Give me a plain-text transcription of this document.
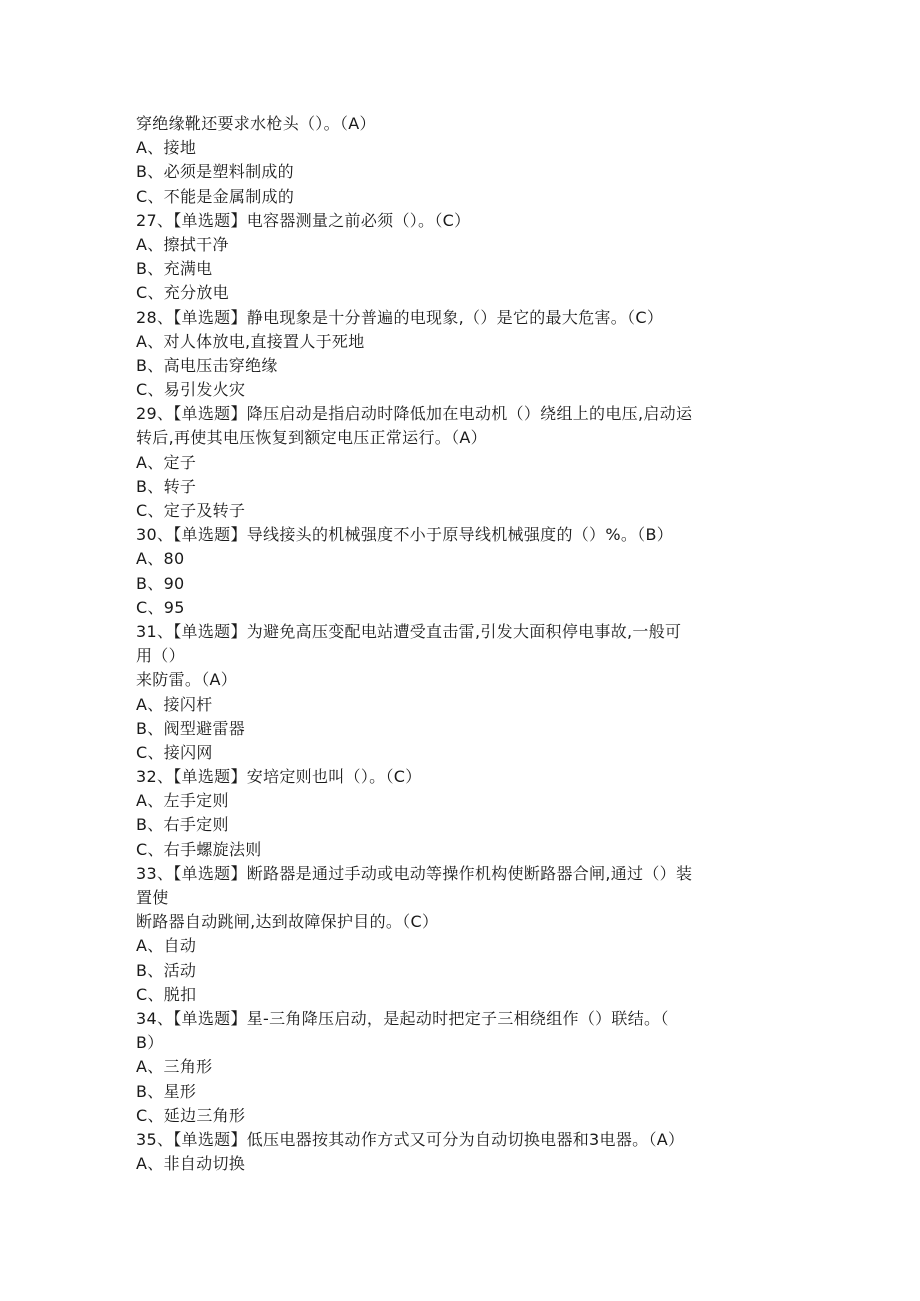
穿绝缘靴还要求水枪头（）。（A）
A、接地
B、必须是塑料制成的
C、不能是金属制成的
27、【单选题】电容器测量之前必须（）。（C）
A、擦拭干净
B、充满电
C、充分放电
28、【单选题】静电现象是十分普遍的电现象,（）是它的最大危害。（C）
A、对人体放电,直接置人于死地
B、高电压击穿绝缘
C、易引发火灾
29、【单选题】降压启动是指启动时降低加在电动机（）绕组上的电压,启动运
转后,再使其电压恢复到额定电压正常运行。（A）
A、定子
B、转子
C、定子及转子
30、【单选题】导线接头的机械强度不小于原导线机械强度的（）%。（B）
A、80
B、90
C、95
31、【单选题】为避免高压变配电站遭受直击雷,引发大面积停电事故,一般可
用（）
来防雷。（A）
A、接闪杆
B、阀型避雷器
C、接闪网
32、【单选题】安培定则也叫（）。（C）
A、左手定则
B、右手定则
C、右手螺旋法则
33、【单选题】断路器是通过手动或电动等操作机构使断路器合闸,通过（）装
置使
断路器自动跳闸,达到故障保护目的。（C）
A、自动
B、活动
C、脱扣
34、【单选题】星-三角降压启动，是起动时把定子三相绕组作（）联结。（
B）
A、三角形
B、星形
C、延边三角形
35、【单选题】低压电器按其动作方式又可分为自动切换电器和3电器。（A）
A、非自动切换
